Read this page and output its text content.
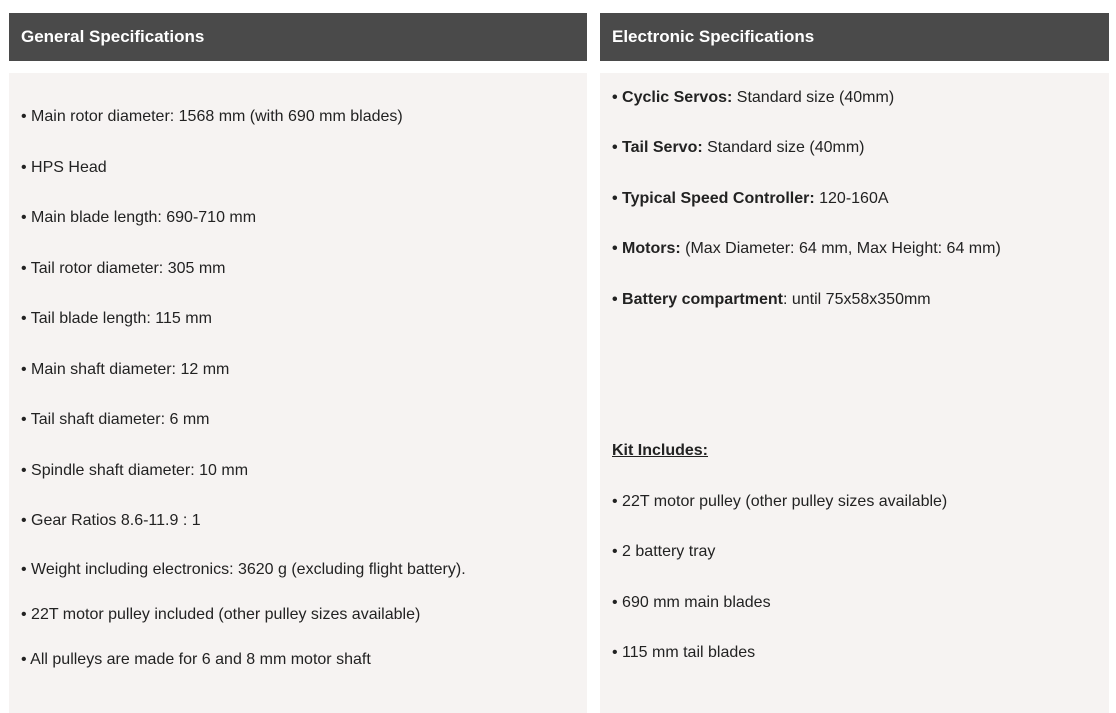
General Specifications
• Main rotor diameter: 1568 mm (with 690 mm blades)
• HPS Head
• Main blade length: 690-710 mm
• Tail rotor diameter: 305 mm
• Tail blade length: 115 mm
• Main shaft diameter: 12 mm
• Tail shaft diameter: 6 mm
• Spindle shaft diameter: 10 mm
• Gear Ratios 8.6-11.9 : 1
• Weight including electronics: 3620 g (excluding flight battery).
• 22T motor pulley included (other pulley sizes available)
• All pulleys are made for 6 and 8 mm motor shaft
Electronic Specifications
• Cyclic Servos: Standard size (40mm)
• Tail Servo: Standard size (40mm)
• Typical Speed Controller: 120-160A
• Motors: (Max Diameter: 64 mm, Max Height: 64 mm)
• Battery compartment: until 75x58x350mm
Kit Includes:
• 22T motor pulley (other pulley sizes available)
• 2 battery tray
• 690 mm main blades
• 115 mm tail blades
